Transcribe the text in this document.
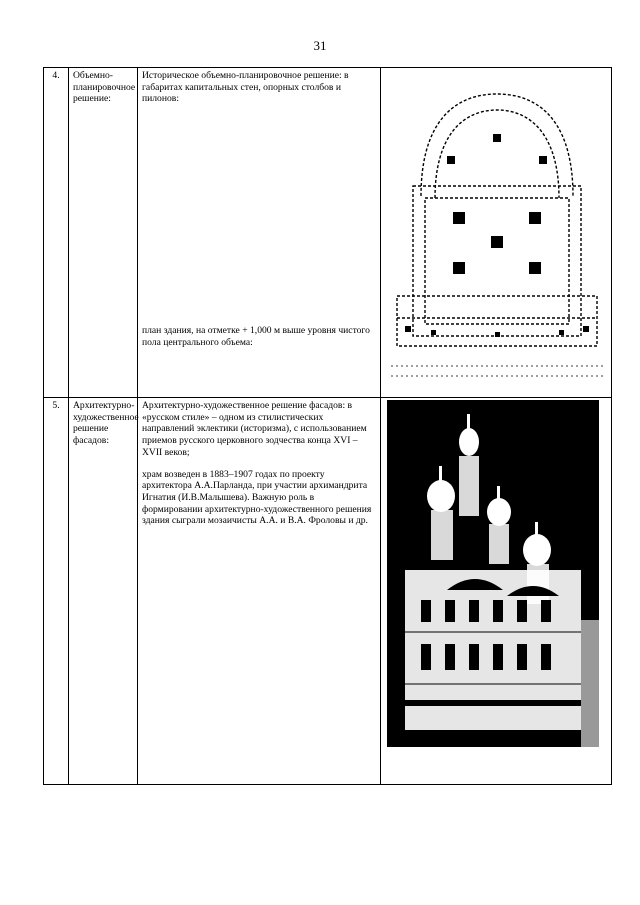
31
4.	Объемно-планировочное решение:	Историческое объемно-планировочное решение: в габаритах капитальных стен, опорных столбов и пилонов:
план здания, на отметке + 1,000 м выше уровня чистого пола центрального объема:

5.	Архитектурно-художественное решение фасадов:	Архитектурно-художественное решение фасадов: в «русском стиле» – одном из стилистических направлений эклектики (историзма), с использованием приемов русского церковного зодчества конца XVI – XVII веков;

храм возведен в 1883–1907 годах по проекту архитектора А.А.Парланда, при участии архимандрита Игнатия (И.В.Малышева). Важную роль в формировании архитектурно-художественного решения здания сыграли мозаичисты А.А. и В.А. Фроловы и др.
